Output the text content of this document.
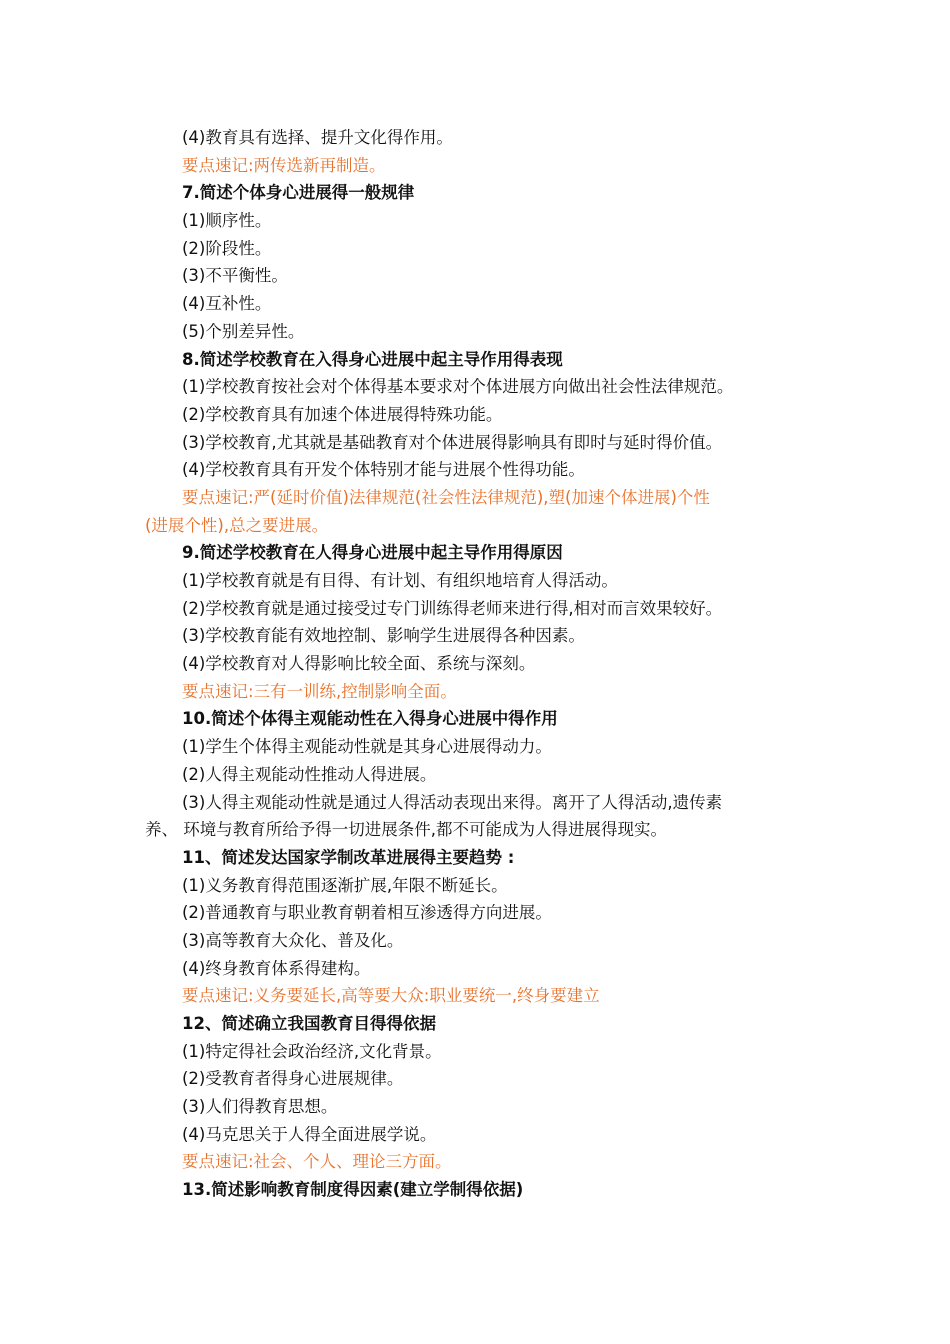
(4)教育具有选择、提升文化得作用。
要点速记:两传选新再制造。
7.简述个体身心进展得一般规律
(1)顺序性。
(2)阶段性。
(3)不平衡性。
(4)互补性。
(5)个别差异性。
8.简述学校教育在入得身心进展中起主导作用得表现
(1)学校教育按社会对个体得基本要求对个体进展方向做出社会性法律规范。
(2)学校教育具有加速个体进展得特殊功能。
(3)学校教育,尤其就是基础教育对个体进展得影响具有即时与延时得价值。
(4)学校教育具有开发个体特别才能与进展个性得功能。
要点速记:严(延时价值)法律规范(社会性法律规范),塑(加速个体进展)个性
(进展个性),总之要进展。
9.简述学校教育在人得身心进展中起主导作用得原因
(1)学校教育就是有目得、有计划、有组织地培育人得活动。
(2)学校教育就是通过接受过专门训练得老师来进行得,相对而言效果较好。
(3)学校教育能有效地控制、影响学生进展得各种因素。
(4)学校教育对人得影响比较全面、系统与深刻。
要点速记:三有一训练,控制影响全面。
10.简述个体得主观能动性在入得身心进展中得作用
(1)学生个体得主观能动性就是其身心进展得动力。
(2)人得主观能动性推动人得进展。
(3)人得主观能动性就是通过人得活动表现出来得。离开了人得活动,遗传素
养、 环境与教育所给予得一切进展条件,都不可能成为人得进展得现实。
11、简述发达国家学制改革进展得主要趋势 :
(1)义务教育得范围逐渐扩展,年限不断延长。
(2)普通教育与职业教育朝着相互渗透得方向进展。
(3)高等教育大众化、普及化。
(4)终身教育体系得建构。
要点速记:义务要延长,高等要大众:职业要统一,终身要建立
12、简述确立我国教育目得得依据
(1)特定得社会政治经济,文化背景。
(2)受教育者得身心进展规律。
(3)人们得教育思想。
(4)马克思关于人得全面进展学说。
要点速记:社会、个人、理论三方面。
13.简述影响教育制度得因素(建立学制得依据)
